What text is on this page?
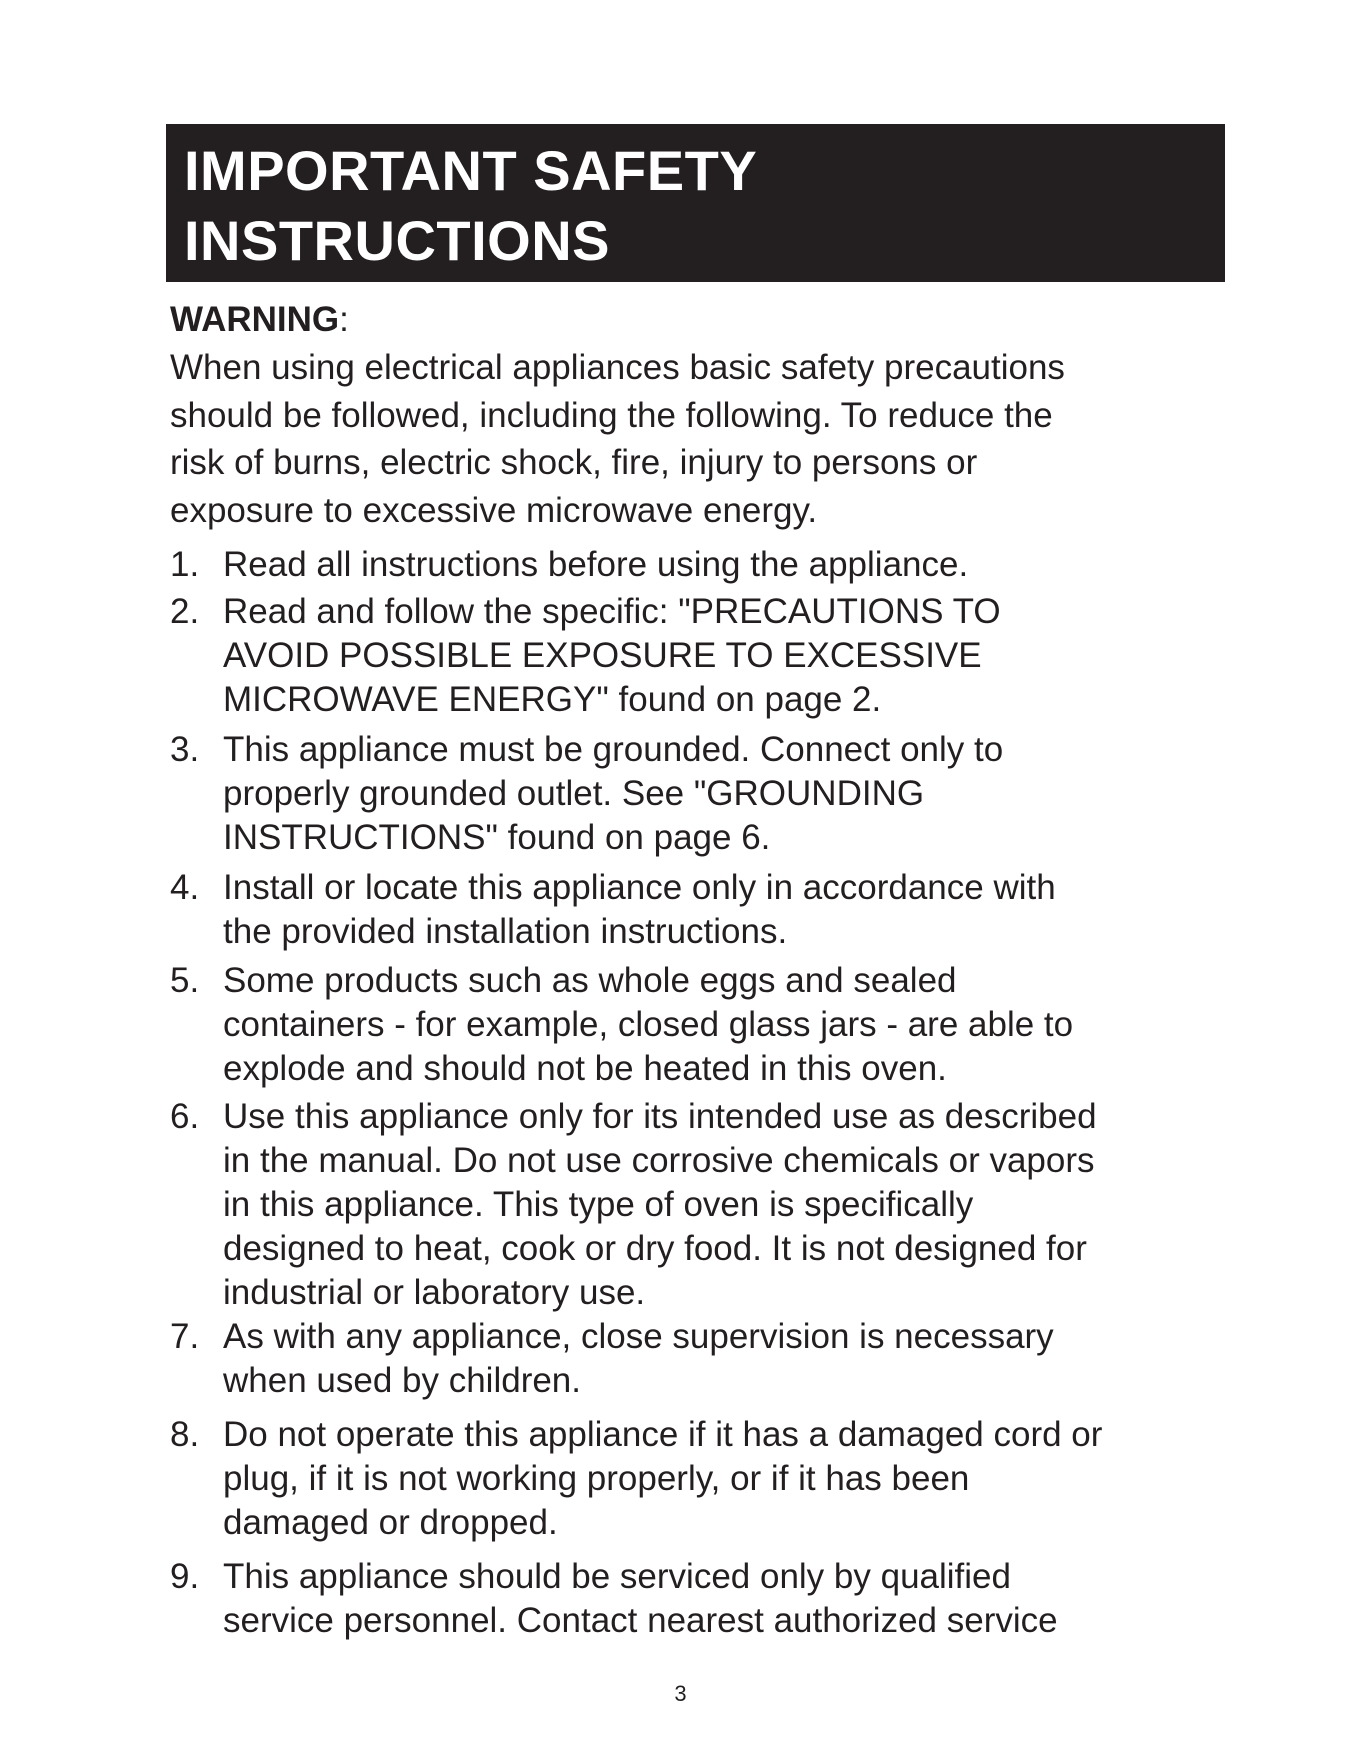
IMPORTANT SAFETY
INSTRUCTIONS
WARNING:
When using electrical appliances basic safety precautions
should be followed, including the following. To reduce the
risk of burns, electric shock, fire, injury to persons or
exposure to excessive microwave energy.
1. Read all instructions before using the appliance.
2. Read and follow the specific: "PRECAUTIONS TO
AVOID POSSIBLE EXPOSURE TO EXCESSIVE
MICROWAVE ENERGY" found on page 2.
3. This appliance must be grounded. Connect only to
properly grounded outlet. See "GROUNDING
INSTRUCTIONS" found on page 6.
4. Install or locate this appliance only in accordance with
the provided installation instructions.
5. Some products such as whole eggs and sealed
containers - for example, closed glass jars - are able to
explode and should not be heated in this oven.
6. Use this appliance only for its intended use as described
in the manual. Do not use corrosive chemicals or vapors
in this appliance. This type of oven is specifically
designed to heat, cook or dry food. It is not designed for
industrial or laboratory use.
7. As with any appliance, close supervision is necessary
when used by children.
8. Do not operate this appliance if it has a damaged cord or
plug, if it is not working properly, or if it has been
damaged or dropped.
9. This appliance should be serviced only by qualified
service personnel. Contact nearest authorized service
3
